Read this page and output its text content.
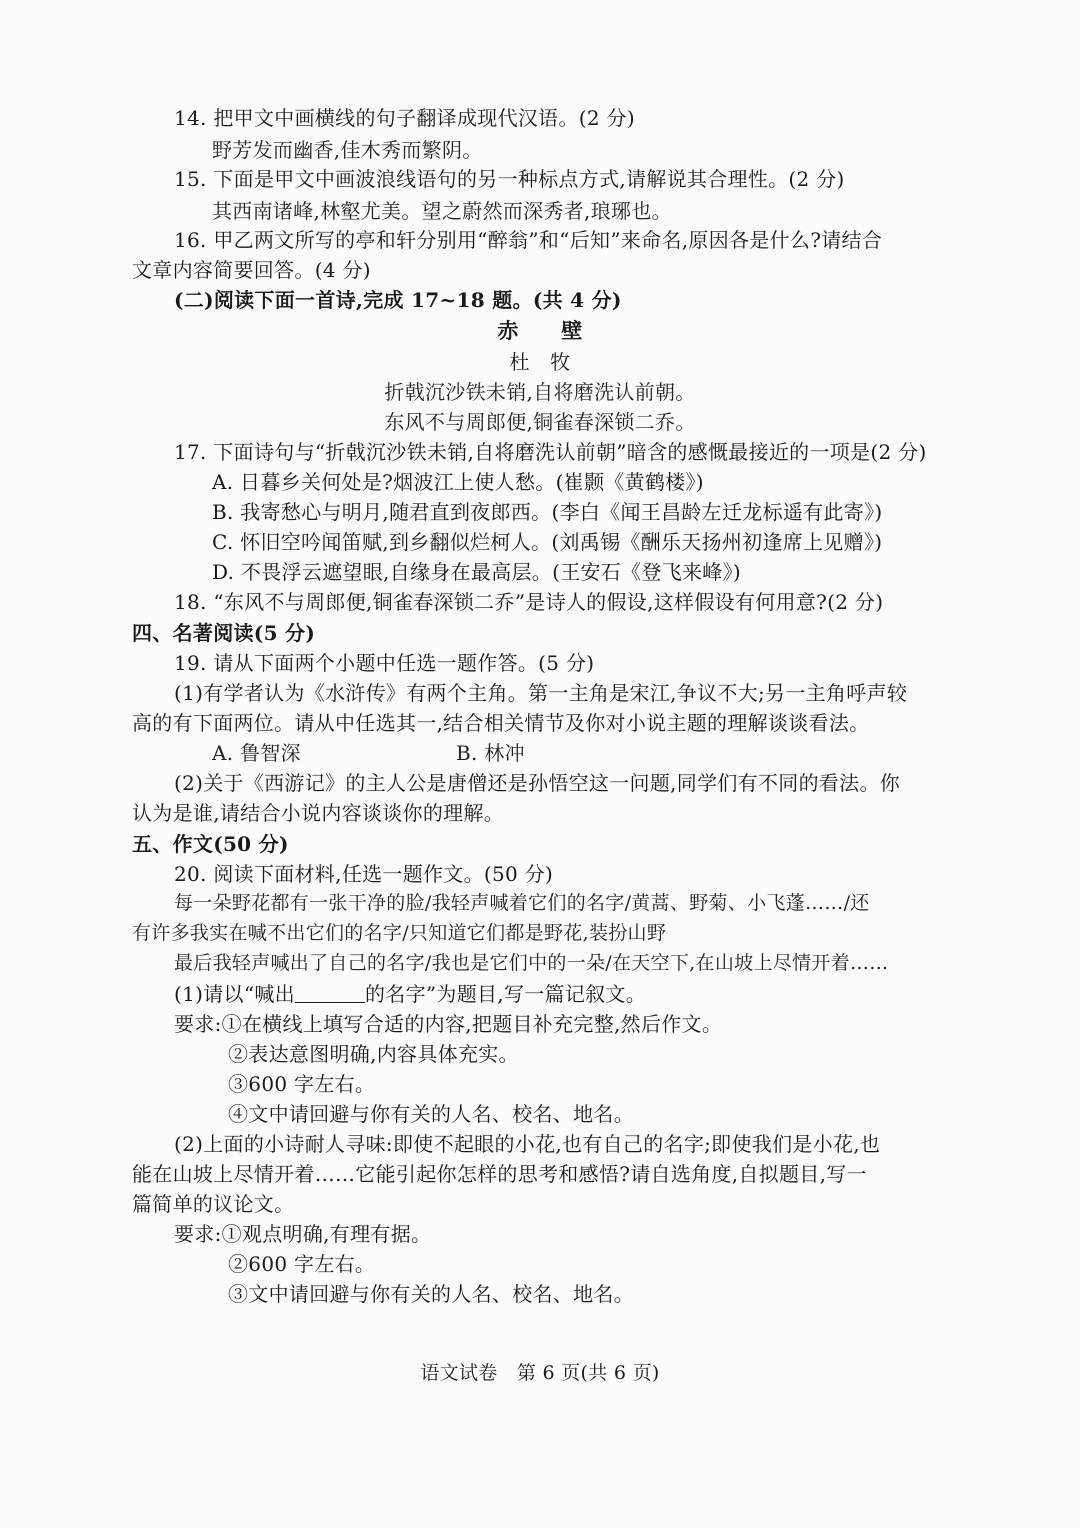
14. 把甲文中画横线的句子翻译成现代汉语。(2 分)

野芳发而幽香,佳木秀而繁阴。

15. 下面是甲文中画波浪线语句的另一种标点方式,请解说其合理性。(2 分)

其西南诸峰,林壑尤美。望之蔚然而深秀者,琅琊也。

16. 甲乙两文所写的亭和轩分别用“醉翁”和“后知”来命名,原因各是什么?请结合

文章内容简要回答。(4 分)

(二)阅读下面一首诗,完成 17~18 题。(共 4 分)

赤　　壁

杜　牧

折戟沉沙铁未销,自将磨洗认前朝。

东风不与周郎便,铜雀春深锁二乔。

17. 下面诗句与“折戟沉沙铁未销,自将磨洗认前朝”暗含的感慨最接近的一项是(2 分)

A. 日暮乡关何处是?烟波江上使人愁。(崔颢《黄鹤楼》)

B. 我寄愁心与明月,随君直到夜郎西。(李白《闻王昌龄左迁龙标遥有此寄》)

C. 怀旧空吟闻笛赋,到乡翻似烂柯人。(刘禹锡《酬乐天扬州初逢席上见赠》)

D. 不畏浮云遮望眼,自缘身在最高层。(王安石《登飞来峰》)

18. “东风不与周郎便,铜雀春深锁二乔”是诗人的假设,这样假设有何用意?(2 分)

四、名著阅读(5 分)

19. 请从下面两个小题中任选一题作答。(5 分)

(1)有学者认为《水浒传》有两个主角。第一主角是宋江,争议不大;另一主角呼声较

高的有下面两位。请从中任选其一,结合相关情节及你对小说主题的理解谈谈看法。

A. 鲁智深	B. 林冲

(2)关于《西游记》的主人公是唐僧还是孙悟空这一问题,同学们有不同的看法。你

认为是谁,请结合小说内容谈谈你的理解。

五、作文(50 分)

20. 阅读下面材料,任选一题作文。(50 分)

每一朵野花都有一张干净的脸/我轻声喊着它们的名字/黄蒿、野菊、小飞蓬……/还

有许多我实在喊不出它们的名字/只知道它们都是野花,装扮山野

最后我轻声喊出了自己的名字/我也是它们中的一朵/在天空下,在山坡上尽情开着……

(1)请以“喊出	的名字”为题目,写一篇记叙文。

要求:①在横线上填写合适的内容,把题目补充完整,然后作文。

②表达意图明确,内容具体充实。

③600 字左右。

④文中请回避与你有关的人名、校名、地名。

(2)上面的小诗耐人寻味:即使不起眼的小花,也有自己的名字;即使我们是小花,也

能在山坡上尽情开着……它能引起你怎样的思考和感悟?请自选角度,自拟题目,写一

篇简单的议论文。

要求:①观点明确,有理有据。

②600 字左右。

③文中请回避与你有关的人名、校名、地名。

语文试卷　第 6 页(共 6 页)
